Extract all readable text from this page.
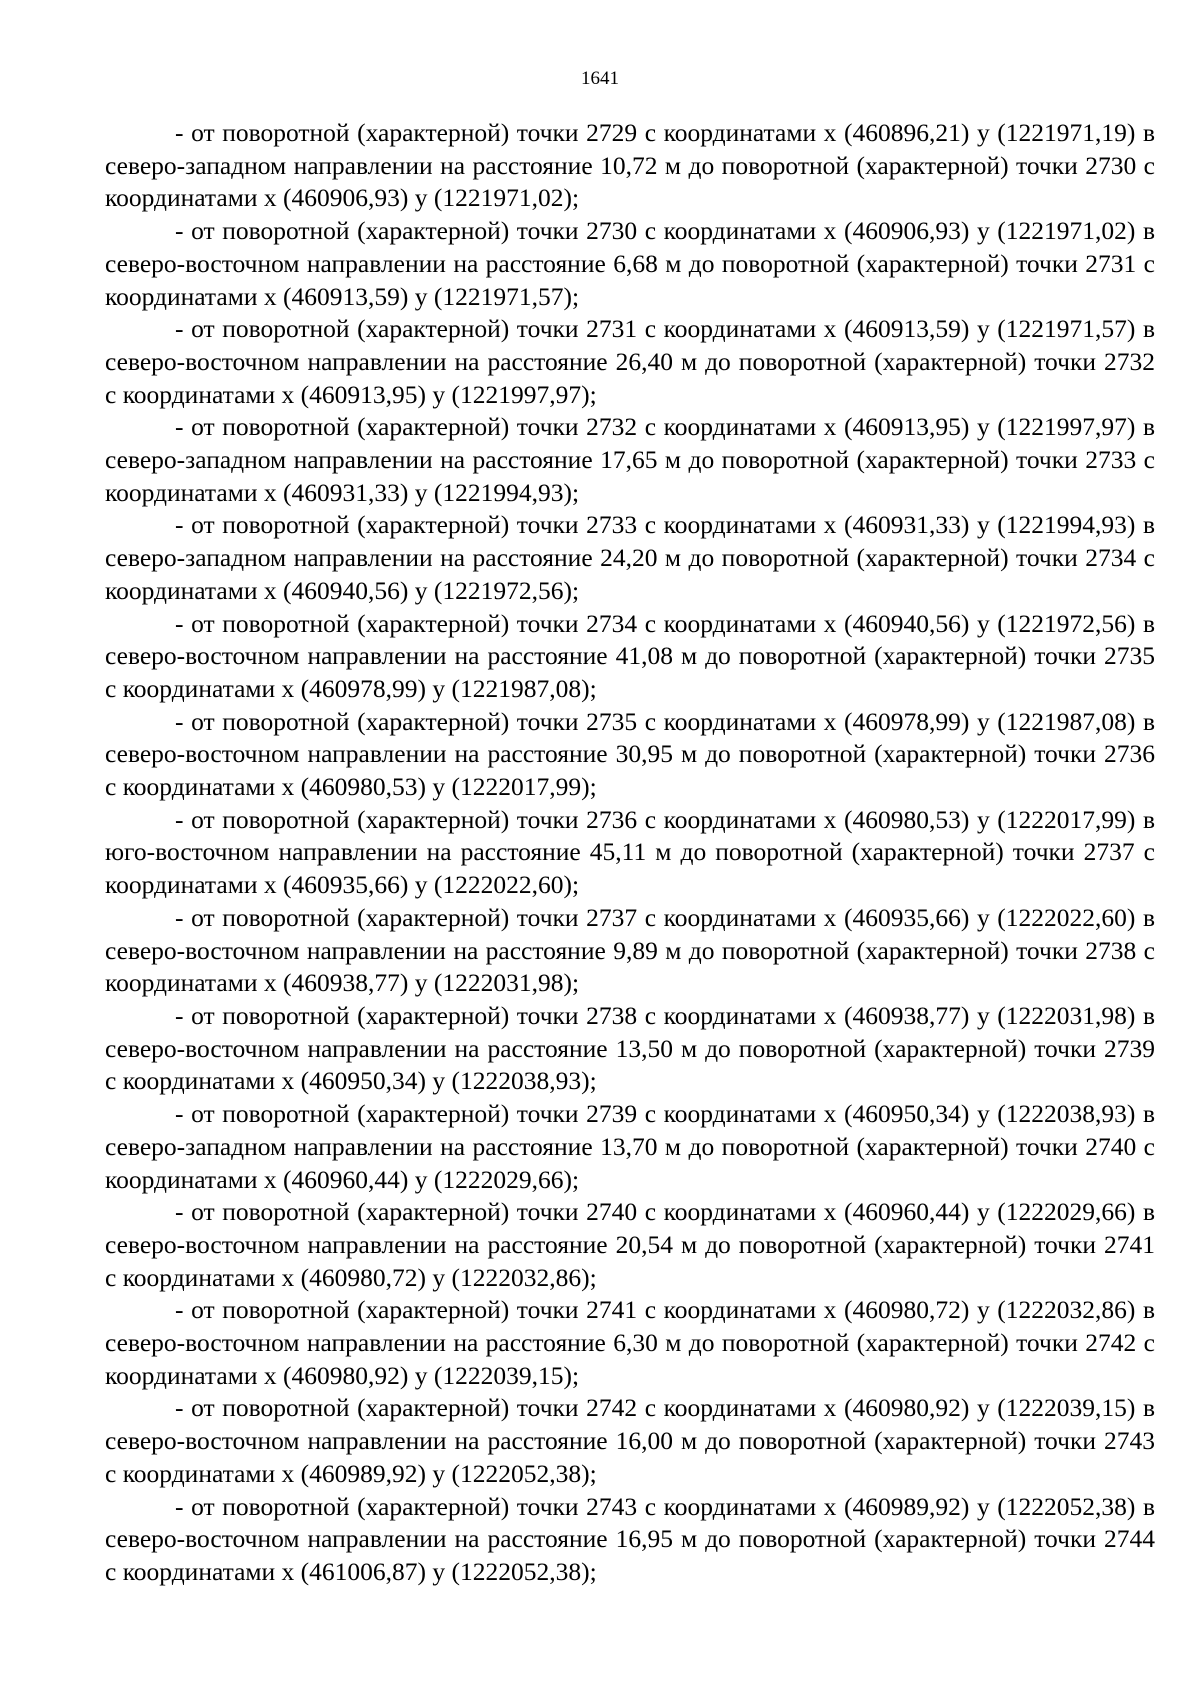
1641

- от поворотной (характерной) точки 2729 с координатами х (460896,21) у (1221971,19) в северо-западном направлении на расстояние 10,72 м до поворотной (характерной) точки 2730 с координатами х (460906,93) у (1221971,02);

- от поворотной (характерной) точки 2730 с координатами х (460906,93) у (1221971,02) в северо-восточном направлении на расстояние 6,68 м до поворотной (характерной) точки 2731 с координатами х (460913,59) у (1221971,57);

- от поворотной (характерной) точки 2731 с координатами х (460913,59) у (1221971,57) в северо-восточном направлении на расстояние 26,40 м до поворотной (характерной) точки 2732 с координатами х (460913,95) у (1221997,97);

- от поворотной (характерной) точки 2732 с координатами х (460913,95) у (1221997,97) в северо-западном направлении на расстояние 17,65 м до поворотной (характерной) точки 2733 с координатами х (460931,33) у (1221994,93);

- от поворотной (характерной) точки 2733 с координатами х (460931,33) у (1221994,93) в северо-западном направлении на расстояние 24,20 м до поворотной (характерной) точки 2734 с координатами х (460940,56) у (1221972,56);

- от поворотной (характерной) точки 2734 с координатами х (460940,56) у (1221972,56) в северо-восточном направлении на расстояние 41,08 м до поворотной (характерной) точки 2735 с координатами х (460978,99) у (1221987,08);

- от поворотной (характерной) точки 2735 с координатами х (460978,99) у (1221987,08) в северо-восточном направлении на расстояние 30,95 м до поворотной (характерной) точки 2736 с координатами х (460980,53) у (1222017,99);

- от поворотной (характерной) точки 2736 с координатами х (460980,53) у (1222017,99) в юго-восточном направлении на расстояние 45,11 м до поворотной (характерной) точки 2737 с координатами х (460935,66) у (1222022,60);

- от поворотной (характерной) точки 2737 с координатами х (460935,66) у (1222022,60) в северо-восточном направлении на расстояние 9,89 м до поворотной (характерной) точки 2738 с координатами х (460938,77) у (1222031,98);

- от поворотной (характерной) точки 2738 с координатами х (460938,77) у (1222031,98) в северо-восточном направлении на расстояние 13,50 м до поворотной (характерной) точки 2739 с координатами х (460950,34) у (1222038,93);

- от поворотной (характерной) точки 2739 с координатами х (460950,34) у (1222038,93) в северо-западном направлении на расстояние 13,70 м до поворотной (характерной) точки 2740 с координатами х (460960,44) у (1222029,66);

- от поворотной (характерной) точки 2740 с координатами х (460960,44) у (1222029,66) в северо-восточном направлении на расстояние 20,54 м до поворотной (характерной) точки 2741 с координатами х (460980,72) у (1222032,86);

- от поворотной (характерной) точки 2741 с координатами х (460980,72) у (1222032,86) в северо-восточном направлении на расстояние 6,30 м до поворотной (характерной) точки 2742 с координатами х (460980,92) у (1222039,15);

- от поворотной (характерной) точки 2742 с координатами х (460980,92) у (1222039,15) в северо-восточном направлении на расстояние 16,00 м до поворотной (характерной) точки 2743 с координатами х (460989,92) у (1222052,38);

- от поворотной (характерной) точки 2743 с координатами х (460989,92) у (1222052,38) в северо-восточном направлении на расстояние 16,95 м до поворотной (характерной) точки 2744 с координатами х (461006,87) у (1222052,38);
